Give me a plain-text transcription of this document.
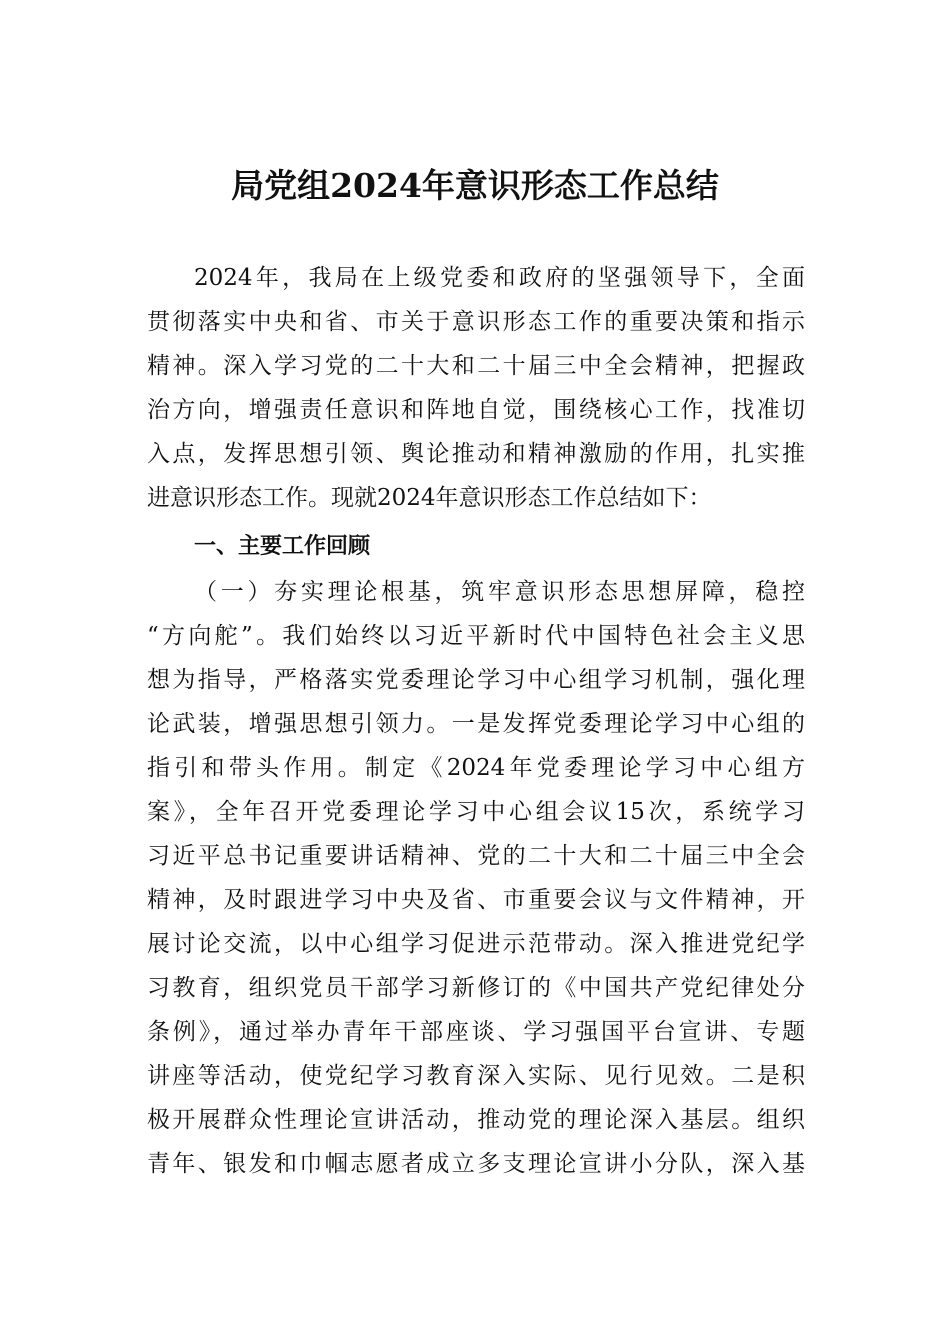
局党组2024年意识形态工作总结
2024年，我局在上级党委和政府的坚强领导下，全面
贯彻落实中央和省、市关于意识形态工作的重要决策和指示
精神。深入学习党的二十大和二十届三中全会精神，把握政
治方向，增强责任意识和阵地自觉，围绕核心工作，找准切
入点，发挥思想引领、舆论推动和精神激励的作用，扎实推
进意识形态工作。现就2024年意识形态工作总结如下：
一、主要工作回顾
（一）夯实理论根基，筑牢意识形态思想屏障，稳控
“方向舵”。我们始终以习近平新时代中国特色社会主义思
想为指导，严格落实党委理论学习中心组学习机制，强化理
论武装，增强思想引领力。一是发挥党委理论学习中心组的
指引和带头作用。制定《2024年党委理论学习中心组方
案》，全年召开党委理论学习中心组会议15次，系统学习
习近平总书记重要讲话精神、党的二十大和二十届三中全会
精神，及时跟进学习中央及省、市重要会议与文件精神，开
展讨论交流，以中心组学习促进示范带动。深入推进党纪学
习教育，组织党员干部学习新修订的《中国共产党纪律处分
条例》，通过举办青年干部座谈、学习强国平台宣讲、专题
讲座等活动，使党纪学习教育深入实际、见行见效。二是积
极开展群众性理论宣讲活动，推动党的理论深入基层。组织
青年、银发和巾帼志愿者成立多支理论宣讲小分队，深入基
